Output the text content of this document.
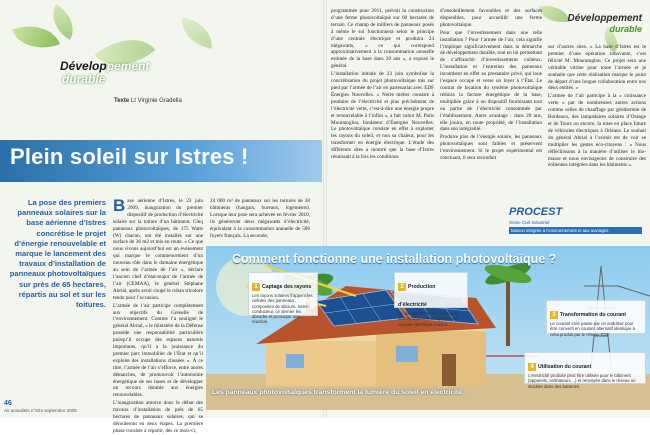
Développement
durable
Développement
durable
Texte Lt Virginie Gradella
Plein soleil sur Istres !
La pose des premiers panneaux solaires sur la base aérienne d’Istres concrétise le projet d’énergie renouvelable et marque le lancement des travaux d’installation de panneaux photovoltaïques sur près de 65 hectares, répartis au sol et sur les toitures.

Base aérienne d’Istres, le 23 juin 2009, inauguration du premier dispositif de production d’électricité solaire sur la toiture d’un bâtiment. Cinq panneaux photovoltaïques, de 175 Watts (W) chacun, ont été installés sur une surface de 36 m2 et mis en route. « Ce que nous vivons aujourd’hui est un événement qui marque le commencement d’un nouveau rôle dans le domaine énergétique au sein de l’armée de l’air », déclare l’ancien chef d’état-major de l’armée de l’air (CEMAA), le général Stéphane Abrial, après avoir coupé le ruban tricolore tendu pour l’occasion.

L’armée de l’air participe complètement aux objectifs du Grenelle de l’environnement. Comme l’a souligné le général Abrial, « le ministère de la Défense possède une responsabilité particulière puisqu’il occupe des espaces naturels importants, qu’il a la jouissance du premier parc immobilier de l’État et qu’il exploite des installations classées ». À ce titre, l’armée de l’air s’efforce, entre autres démarches, de promouvoir l’autonomie énergétique de ses bases et de développer un recours durable aux énergies renouvelables.

L’inauguration amorce donc le début des travaux d’installation de près de 65 hectares de panneaux solaires, qui se dérouleront en deux étapes. La première phase consiste à répartir, dès ce mois-ci,

24 000 m² de panneaux sur les toitures de 38 bâtiments (hangars, bureaux, logements). Lorsque leur pose sera achevée en février 2010, ils généreront deux mégawatts d’électricité, équivalant à la consommation annuelle de 506 foyers français. La seconde,

programmée pour 2011, prévoit la construction d’une ferme photovoltaïque sur 60 hectares de terrain. Ce champ de milliers de panneaux posés à même le sol fonctionnera selon le principe d’une centrale électrique et produira 24 mégawatts, « ce qui correspond approximativement à la consommation annuelle estimée de la base dans 20 ans », a exposé le général.

L’installation initiale de 23 juin symbolise la concrétisation du projet photovoltaïque mis sur pied par l’armée de l’air en partenariat avec EDF Énergies Nouvelles. « Notre métier consiste à produire de l’électricité et plus précisément de l’électricité verte, c’est-à-dire une énergie propre et renouvelable à l’infini », a fait valoir M. Paris Mouratoglou, fondateur d’Énergies Nouvelles. Le photovoltaïque consiste en effet à exploiter les rayons du soleil, et non sa chaleur, pour les transformer en énergie électrique. L’étude des différents sites a montré que la base d’Istres réunissait à la fois les conditions

d’ensoleillement favorables et des surfaces disponibles, pour accueillir une ferme photovoltaïque.

Pour que l’investissement dans une telle installation ? Pour l’armée de l’air, cela signifie l’implique significativement dans la démarche de développement durable, tout en lui permettant de s’affranchir d’investissements coûteux. L’installation et l’entretien des panneaux incombent en effet au prestataire privé, qui loue l’espace occupé et verse un loyer à l’État. Le contrat de location du système photovoltaïque réduira la facture énergétique de la base, multipliée grâce à un dispositif fournissant tout ou partie de l’électricité consommée par l’établissement. Autre avantage : dans 20 ans, elle jouira, en toute propriété, de l’installation dans son intégralité.

Produire plus de l’énergie solaire, les panneaux photovoltaïques sont faibles et préservent l’environnement. Si le projet expérimental est concluant, il sera reconduit

sur d’autres sites. « La base d’Istres est le premier d’une opération innovante, s’est félicité M. Mouratoglou. Ce projet sera une véritable vitrine pour toute l’armée et je souhaite que cette réalisation marque le point de départ d’une longue collaboration entre nos deux entités. »

L’armée de l’air participe à la « croissance verte » par de nombreuses autres actions comme celles de chauffage par géothermie de Bordeaux, des lampadaires solaires d’Orange et de Tours ou encore, la mise en place future de véhicules électriques à Orléans. Le souhait du général Abrial à l’avenir est de voir se multiplier les gestes éco-citoyens : « Nous réfléchissons à la manière d’utiliser le bio-masse et nous envisageons de construire des éoliennes intégrées dans les bâtiments ».

PROCEST
Génie Civil Industriel
Maison intégrée à l’environnement et aux ouvrages
Comment fonctionne une installation photovoltaïque ?
1 Captage des rayons
Les rayons solaires frappent les cellules des panneaux, composées de silicium. Semi-conducteur, ce dernier les absorbe et provoque une réaction.
2 Production d’électricité
Le silicium libère des électrons, dont le déplacement génère un courant électrique continu.
3 Transformation du courant
Le courant créé passe par un onduleur pour être converti en courant alternatif identique à celui produit par le réseau EDF.
4 Utilisation du courant
L’électricité produite peut être utilisée pour le bâtiment (appareils, ordinateurs…) et renvoyée dans le réseau ou stockée dans des batteries.
Les panneaux photovoltaïques transforment la lumière du soleil en électricité.
46
Air actualités n°624 septembre 2009
